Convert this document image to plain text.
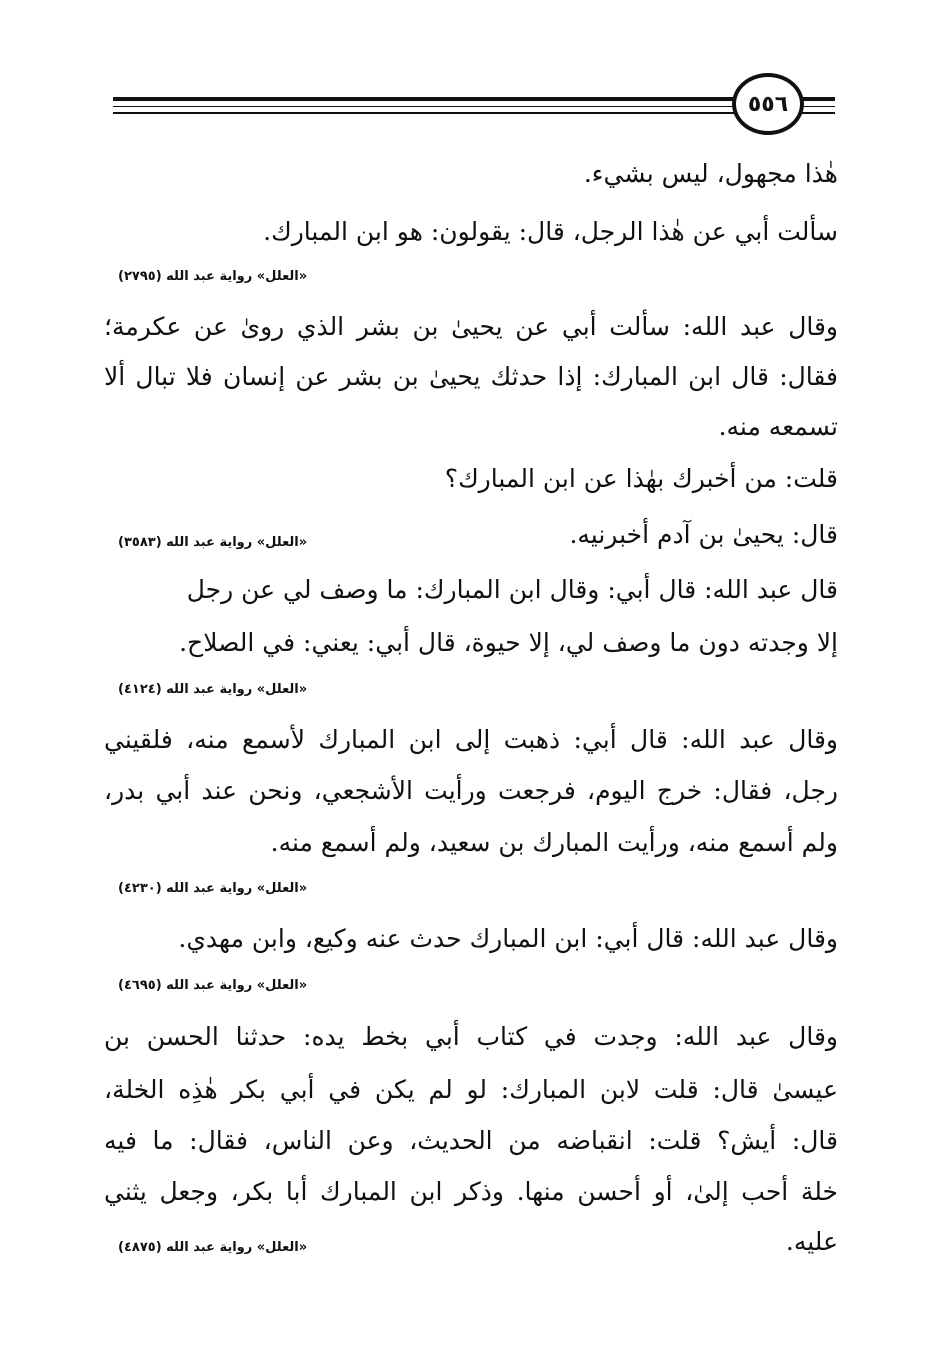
٥٥٦
هٰذا مجهول، ليس بشيء.
سألت أبي عن هٰذا الرجل، قال: يقولون: هو ابن المبارك.
«العلل» رواية عبد الله (٢٧٩٥)
وقال عبد الله: سألت أبي عن يحيىٰ بن بشر الذي روىٰ عن عكرمة؛
فقال: قال ابن المبارك: إذا حدثك يحيىٰ بن بشر عن إنسان فلا تبال ألا
تسمعه منه.
قلت: من أخبرك بهٰذا عن ابن المبارك؟
قال: يحيىٰ بن آدم أخبرنيه.
«العلل» رواية عبد الله (٣٥٨٣)
قال عبد الله: قال أبي: وقال ابن المبارك: ما وصف لي عن رجل
إلا وجدته دون ما وصف لي، إلا حيوة، قال أبي: يعني: في الصلاح.
«العلل» رواية عبد الله (٤١٢٤)
وقال عبد الله: قال أبي: ذهبت إلى ابن المبارك لأسمع منه، فلقيني
رجل، فقال: خرج اليوم، فرجعت ورأيت الأشجعي، ونحن عند أبي بدر،
ولم أسمع منه، ورأيت المبارك بن سعيد، ولم أسمع منه.
«العلل» رواية عبد الله (٤٢٣٠)
وقال عبد الله: قال أبي: ابن المبارك حدث عنه وكيع، وابن مهدي.
«العلل» رواية عبد الله (٤٦٩٥)
وقال عبد الله: وجدت في كتاب أبي بخط يده: حدثنا الحسن بن
عيسىٰ قال: قلت لابن المبارك: لو لم يكن في أبي بكر هٰذِه الخلة،
قال: أيش؟ قلت: انقباضه من الحديث، وعن الناس، فقال: ما فيه
خلة أحب إلىٰ، أو أحسن منها. وذكر ابن المبارك أبا بكر، وجعل يثني
عليه.
«العلل» رواية عبد الله (٤٨٧٥)
